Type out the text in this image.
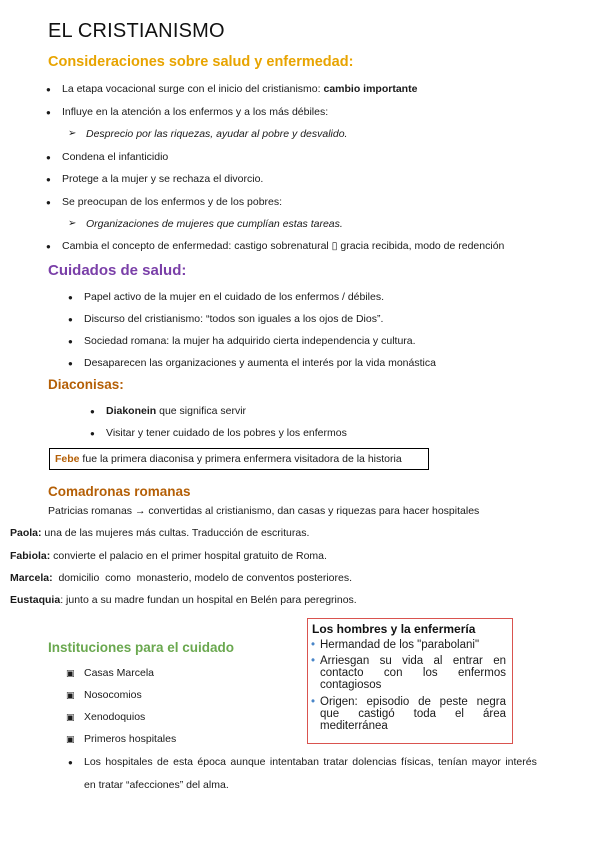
EL CRISTIANISMO
Consideraciones sobre salud y enfermedad:
● La etapa vocacional surge con el inicio del cristianismo: cambio importante
● Influye en la atención a los enfermos y a los más débiles:
➢ Desprecio por las riquezas, ayudar al pobre y desvalido.
● Condena el infanticidio
● Protege a la mujer y se rechaza el divorcio.
● Se preocupan de los enfermos y de los pobres:
➢ Organizaciones de mujeres que cumplían estas tareas.
● Cambia el concepto de enfermedad: castigo sobrenatural ▯ gracia recibida, modo de redención
Cuidados de salud:
● Papel activo de la mujer en el cuidado de los enfermos / débiles.
● Discurso del cristianismo: “todos son iguales a los ojos de Dios”.
● Sociedad romana: la mujer ha adquirido cierta independencia y cultura.
● Desaparecen las organizaciones y aumenta el interés por la vida monástica
Diaconisas:
● Diakonein que significa servir
● Visitar y tener cuidado de los pobres y los enfermos
Febe fue la primera diaconisa y primera enfermera visitadora de la historia
Comadronas romanas
Patricias romanas → convertidas al cristianismo, dan casas y riquezas para hacer hospitales
Paola: una de las mujeres más cultas. Traducción de escrituras.
Fabiola: convierte el palacio en el primer hospital gratuito de Roma.
Marcela:  domicilio  como  monasterio, modelo de conventos posteriores.
Eustaquia: junto a su madre fundan un hospital en Belén para peregrinos.
Instituciones para el cuidado
▣ Casas Marcela
▣ Nosocomios
▣ Xenodoquios
▣ Primeros hospitales
● Los hospitales de esta época aunque intentaban tratar dolencias físicas, tenían mayor interés
en tratar “afecciones” del alma.
Los hombres y la enfermería
• Hermandad de los "parabolani"
• Arriesgan su vida al entrar en contacto con los enfermos contagiosos
• Origen: episodio de peste negra que castigó toda el área mediterránea
